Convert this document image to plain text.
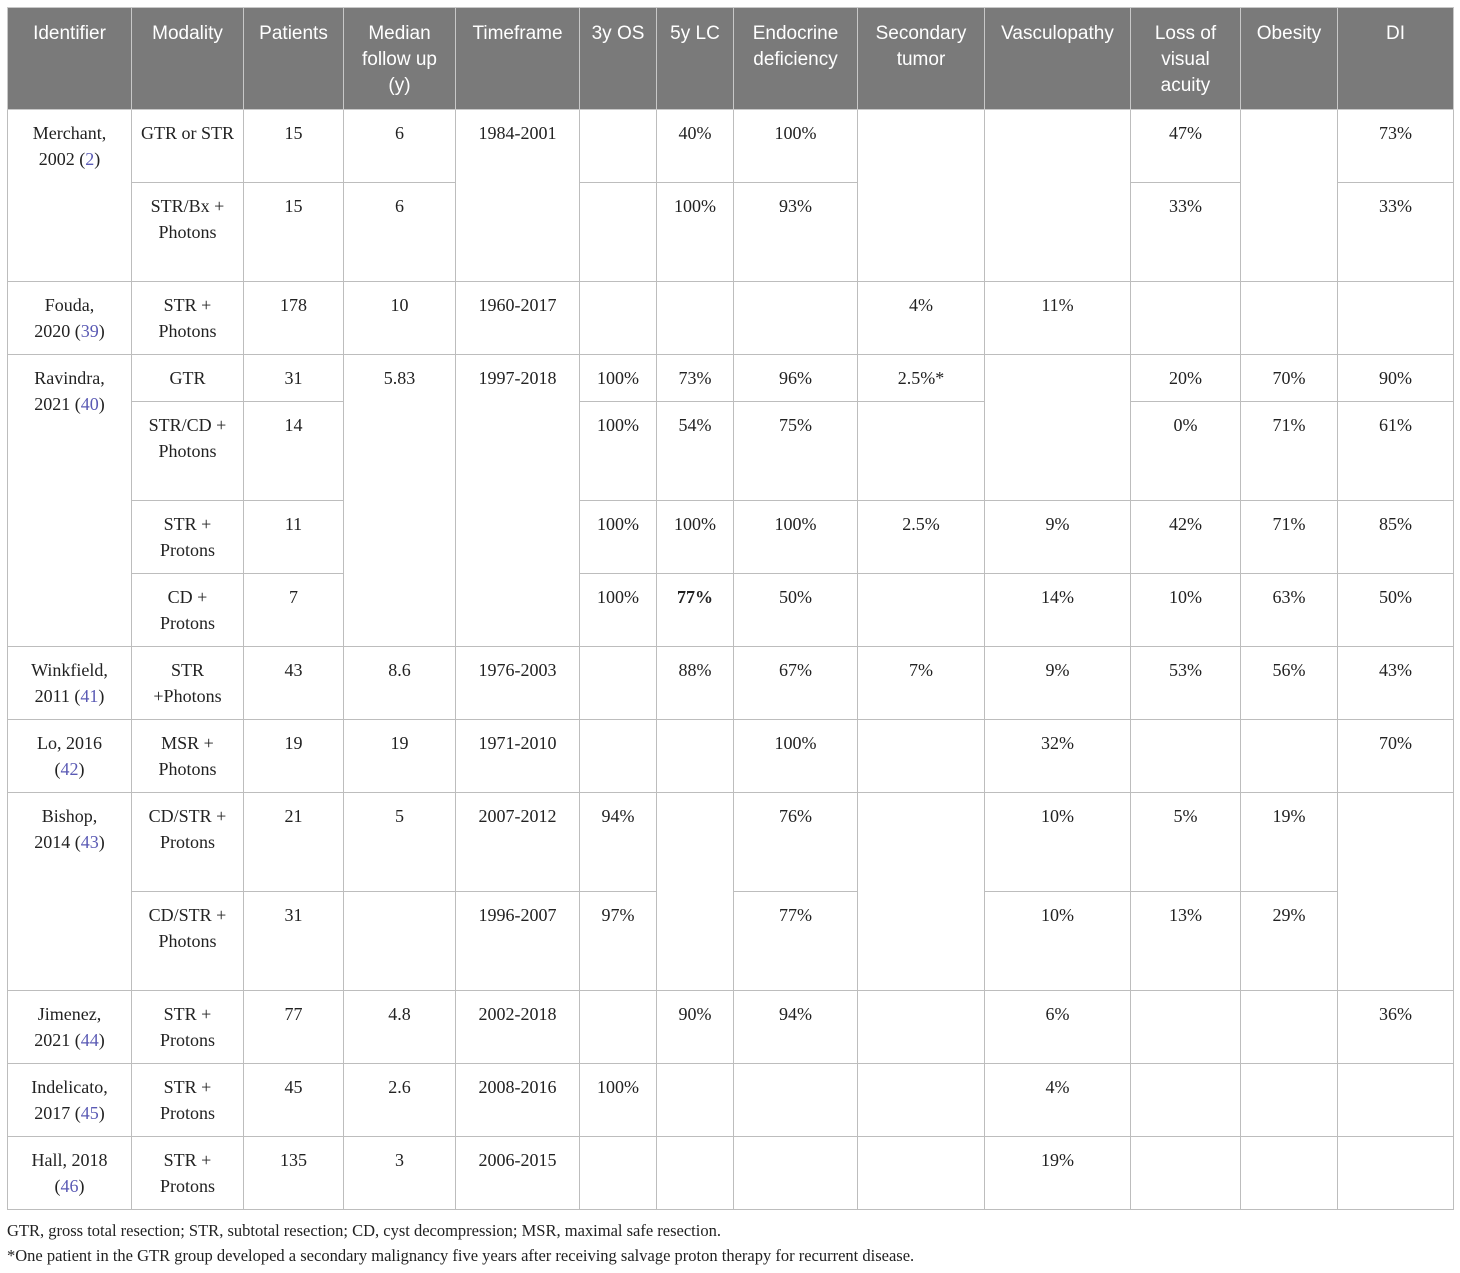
Identifier	Modality	Patients	Median follow up (y)	Timeframe	3y OS	5y LC	Endocrine deficiency	Secondary tumor	Vasculopathy	Loss of visual acuity	Obesity	DI
Merchant,
2002 (2)	GTR or STR	15	6	1984-2001		40%	100%			47%		73%
	STR/Bx + Photons	15	6			100%	93%			33%		33%
Fouda,
2020 (39)	STR + Photons	178	10	1960-2017				4%	11%			
Ravindra,
2021 (40)	GTR	31	5.83	1997-2018	100%	73%	96%	2.5%*		20%	70%	90%
	STR/CD + Photons	14			100%	54%	75%			0%	71%	61%
	STR + Protons	11			100%	100%	100%	2.5%	9%	42%	71%	85%
	CD + Protons	7			100%	77%	50%		14%	10%	63%	50%
Winkfield,
2011 (41)	STR +Photons	43	8.6	1976-2003		88%	67%	7%	9%	53%	56%	43%
Lo, 2016
(42)	MSR + Photons	19	19	1971-2010			100%		32%			70%
Bishop,
2014 (43)	CD/STR + Protons	21	5	2007-2012	94%		76%		10%	5%	19%	
	CD/STR + Photons	31		1996-2007	97%		77%		10%	13%	29%	
Jimenez,
2021 (44)	STR + Protons	77	4.8	2002-2018		90%	94%		6%			36%
Indelicato,
2017 (45)	STR + Protons	45	2.6	2008-2016	100%				4%			
Hall, 2018
(46)	STR + Protons	135	3	2006-2015					19%			
GTR, gross total resection; STR, subtotal resection; CD, cyst decompression; MSR, maximal safe resection.
*One patient in the GTR group developed a secondary malignancy five years after receiving salvage proton therapy for recurrent disease.
